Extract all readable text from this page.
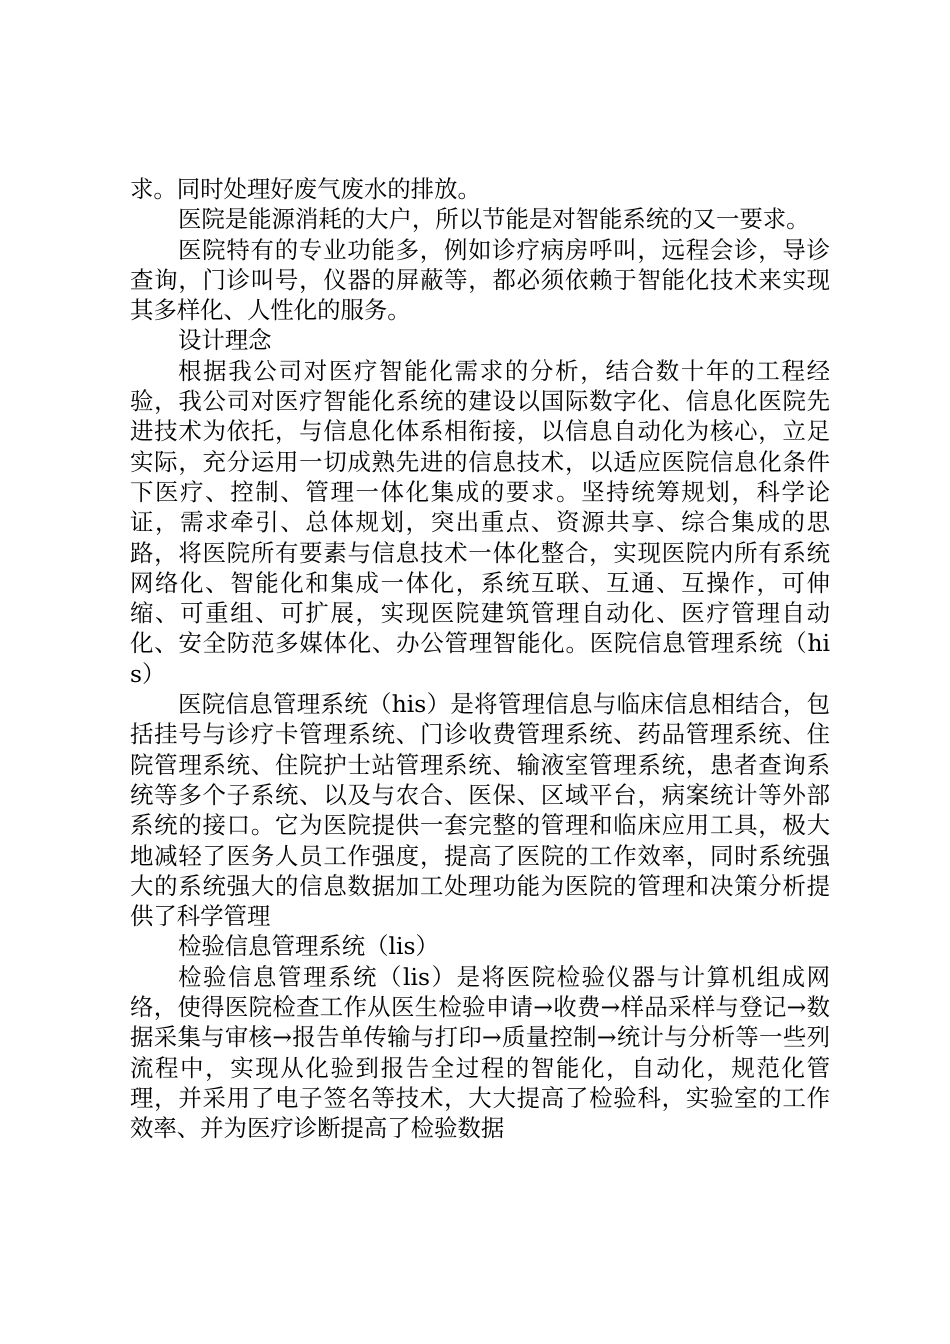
求。同时处理好废气废水的排放。

医院是能源消耗的大户，所以节能是对智能系统的又一要求。

医院特有的专业功能多，例如诊疗病房呼叫，远程会诊，导诊查询，门诊叫号，仪器的屏蔽等，都必须依赖于智能化技术来实现其多样化、人性化的服务。

设计理念

根据我公司对医疗智能化需求的分析，结合数十年的工程经验，我公司对医疗智能化系统的建设以国际数字化、信息化医院先进技术为依托，与信息化体系相衔接，以信息自动化为核心，立足实际，充分运用一切成熟先进的信息技术，以适应医院信息化条件下医疗、控制、管理一体化集成的要求。坚持统筹规划，科学论证，需求牵引、总体规划，突出重点、资源共享、综合集成的思路，将医院所有要素与信息技术一体化整合，实现医院内所有系统网络化、智能化和集成一体化，系统互联、互通、互操作，可伸缩、可重组、可扩展，实现医院建筑管理自动化、医疗管理自动化、安全防范多媒体化、办公管理智能化。医院信息管理系统（his）

医院信息管理系统（his）是将管理信息与临床信息相结合，包括挂号与诊疗卡管理系统、门诊收费管理系统、药品管理系统、住院管理系统、住院护士站管理系统、输液室管理系统，患者查询系统等多个子系统、以及与农合、医保、区域平台，病案统计等外部系统的接口。它为医院提供一套完整的管理和临床应用工具，极大地减轻了医务人员工作强度，提高了医院的工作效率，同时系统强大的系统强大的信息数据加工处理功能为医院的管理和决策分析提供了科学管理

检验信息管理系统（lis）

检验信息管理系统（lis）是将医院检验仪器与计算机组成网络，使得医院检查工作从医生检验申请→收费→样品采样与登记→数据采集与审核→报告单传输与打印→质量控制→统计与分析等一些列流程中，实现从化验到报告全过程的智能化，自动化，规范化管理，并采用了电子签名等技术，大大提高了检验科，实验室的工作效率、并为医疗诊断提高了检验数据
